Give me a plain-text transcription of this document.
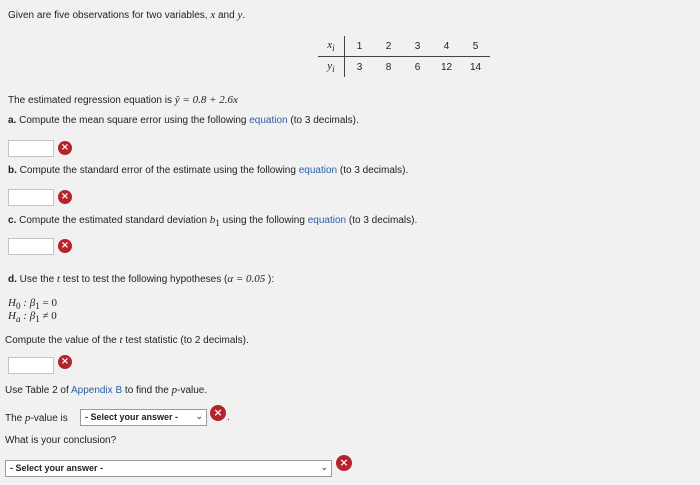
Given are five observations for two variables, x and y.
$x_i$	1	2	3	4	5
$y_i$	3	8	6	12	14
The estimated regression equation is ŷ = 0.8 + 2.6x
a. Compute the mean square error using the following equation (to 3 decimals).
×
b. Compute the standard error of the estimate using the following equation (to 3 decimals).
×
c. Compute the estimated standard deviation $b_1$ using the following equation (to 3 decimals).
×
d. Use the t test to test the following hypotheses (α = 0.05 ):
$H_0$ : $\beta_1 = 0$
$H_a$ : $\beta_1 \ne 0$
Compute the value of the t test statistic (to 2 decimals).
×
Use Table 2 of Appendix B to find the p-value.
The p-value is	- Select your answer - ⌄ × .
What is your conclusion?
- Select your answer -	⌄	×
